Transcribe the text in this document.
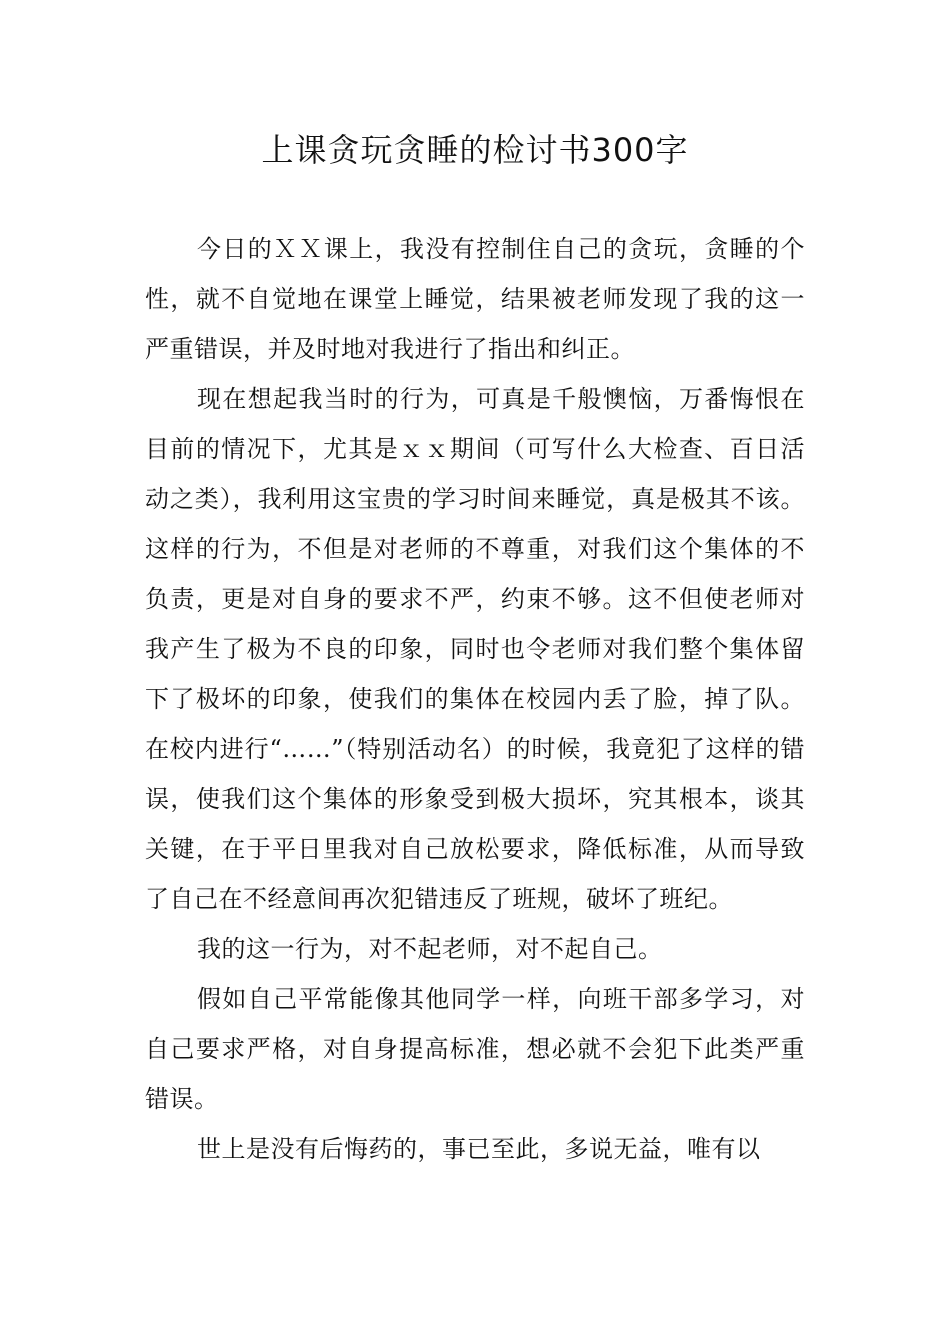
上课贪玩贪睡的检讨书300字

今日的ＸＸ课上，我没有控制住自己的贪玩，贪睡的个性，就不自觉地在课堂上睡觉，结果被老师发现了我的这一严重错误，并及时地对我进行了指出和纠正。

现在想起我当时的行为，可真是千般懊恼，万番悔恨在目前的情况下，尤其是ｘｘ期间（可写什么大检查、百日活动之类），我利用这宝贵的学习时间来睡觉，真是极其不该。这样的行为，不但是对老师的不尊重，对我们这个集体的不负责，更是对自身的要求不严，约束不够。这不但使老师对我产生了极为不良的印象，同时也令老师对我们整个集体留下了极坏的印象，使我们的集体在校园内丢了脸，掉了队。在校内进行“……”（特别活动名）的时候，我竟犯了这样的错误，使我们这个集体的形象受到极大损坏，究其根本，谈其关键，在于平日里我对自己放松要求，降低标准，从而导致了自己在不经意间再次犯错违反了班规，破坏了班纪。

我的这一行为，对不起老师，对不起自己。

假如自己平常能像其他同学一样，向班干部多学习，对自己要求严格，对自身提高标准，想必就不会犯下此类严重错误。

世上是没有后悔药的，事已至此，多说无益，唯有以
